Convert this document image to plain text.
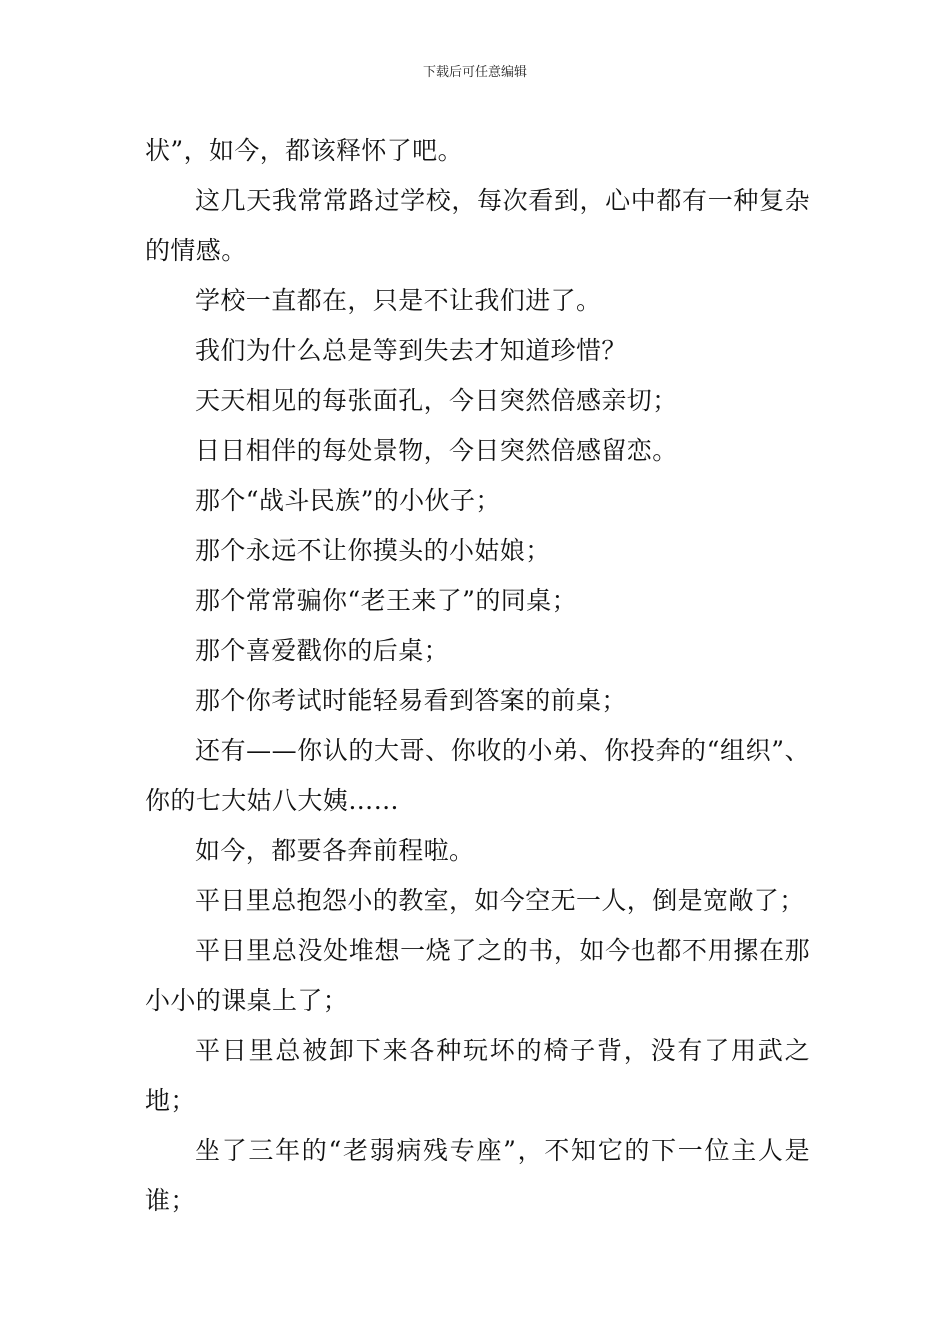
下载后可任意编辑

状”，如今，都该释怀了吧。

这几天我常常路过学校，每次看到，心中都有一种复杂的情感。

学校一直都在，只是不让我们进了。

我们为什么总是等到失去才知道珍惜？

天天相见的每张面孔，今日突然倍感亲切；

日日相伴的每处景物，今日突然倍感留恋。

那个“战斗民族”的小伙子；

那个永远不让你摸头的小姑娘；

那个常常骗你“老王来了”的同桌；

那个喜爱戳你的后桌；

那个你考试时能轻易看到答案的前桌；

还有——你认的大哥、你收的小弟、你投奔的“组织”、你的七大姑八大姨……

如今，都要各奔前程啦。

平日里总抱怨小的教室，如今空无一人，倒是宽敞了；

平日里总没处堆想一烧了之的书，如今也都不用摞在那小小的课桌上了；

平日里总被卸下来各种玩坏的椅子背，没有了用武之地；

坐了三年的“老弱病残专座”，不知它的下一位主人是谁；
